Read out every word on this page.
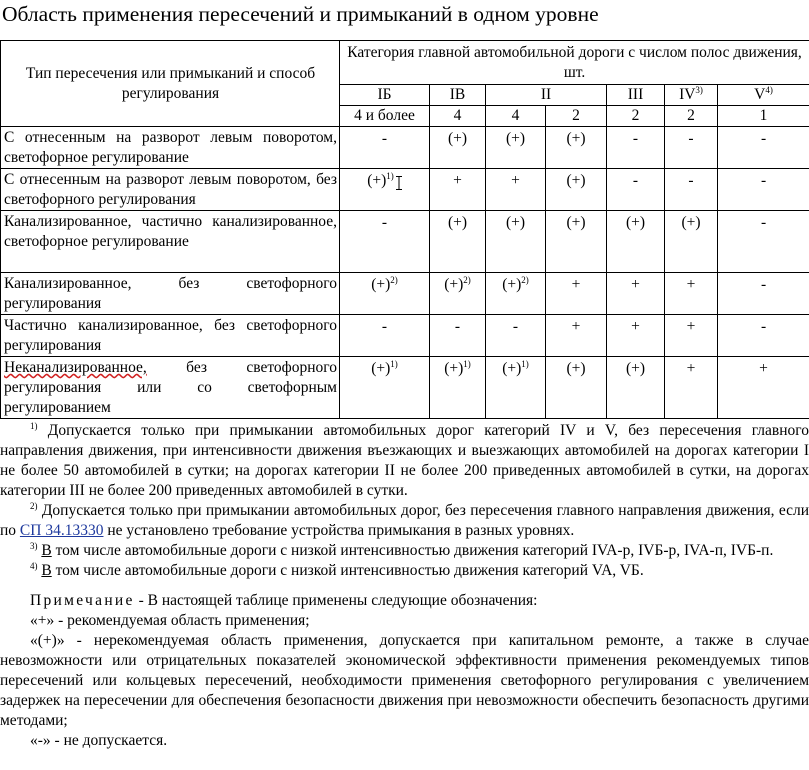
Область применения пересечений и примыканий в одном уровне
Тип пересечения или примыканий и способ регулирования	Категория главной автомобильной дороги с числом полос движения, шт.						
	IБ	IB	II		III	IV$^{3)}$	$V^{4)}$
	4 и более	4	4	2	2	2	1
С отнесенным на разворот левым поворотом, светофорное регулирование	-	(+)	(+)	(+)	-	-	-
С отнесенным на разворот левым поворотом, без светофорного регулирования	$(+)^{1)}$	+	+	(+)	-	-	-
Канализированное, частично канализированное, светофорное регулирование	-	(+)	(+)	(+)	(+)	(+)	-
Канализированное, без светофорного регулирования	$(+)^{2)}$	$(+)^{2)}$	$(+)^{2)}$	+	+	+	-
Частично канализированное, без светофорного регулирования	-	-	-	+	+	+	-
Неканализированное, без светофорного регулирования или со светофорным регулированием	$(+)^{1)}$	$(+)^{1)}$	$(+)^{1)}$	(+)	(+)	+	+

$^{1)}$ Допускается только при примыкании автомобильных дорог категорий IV и V, без пересечения главного направления движения, при интенсивности движения въезжающих и выезжающих автомобилей на дорогах категории I не более 50 автомобилей в сутки; на дорогах категории II не более 200 приведенных автомобилей в сутки, на дорогах категории III не более 200 приведенных автомобилей в сутки.

$^{2)}$ Допускается только при примыкании автомобильных дорог, без пересечения главного направления движения, если по СП 34.13330 не установлено требование устройства примыкания в разных уровнях.

$^{3)}$ В том числе автомобильные дороги с низкой интенсивностью движения категорий IVA-р, IVБ-р, IVA-п, IVБ-п.

$^{4)}$ В том числе автомобильные дороги с низкой интенсивностью движения категорий VA, VБ.

Примечание - В настоящей таблице применены следующие обозначения:

«+» - рекомендуемая область применения;

«(+)» - нерекомендуемая область применения, допускается при капитальном ремонте, а также в случае невозможности или отрицательных показателей экономической эффективности применения рекомендуемых типов пересечений или кольцевых пересечений, необходимости применения светофорного регулирования с увеличением задержек на пересечении для обеспечения безопасности движения при невозможности обеспечить безопасность другими методами;

«-» - не допускается.
